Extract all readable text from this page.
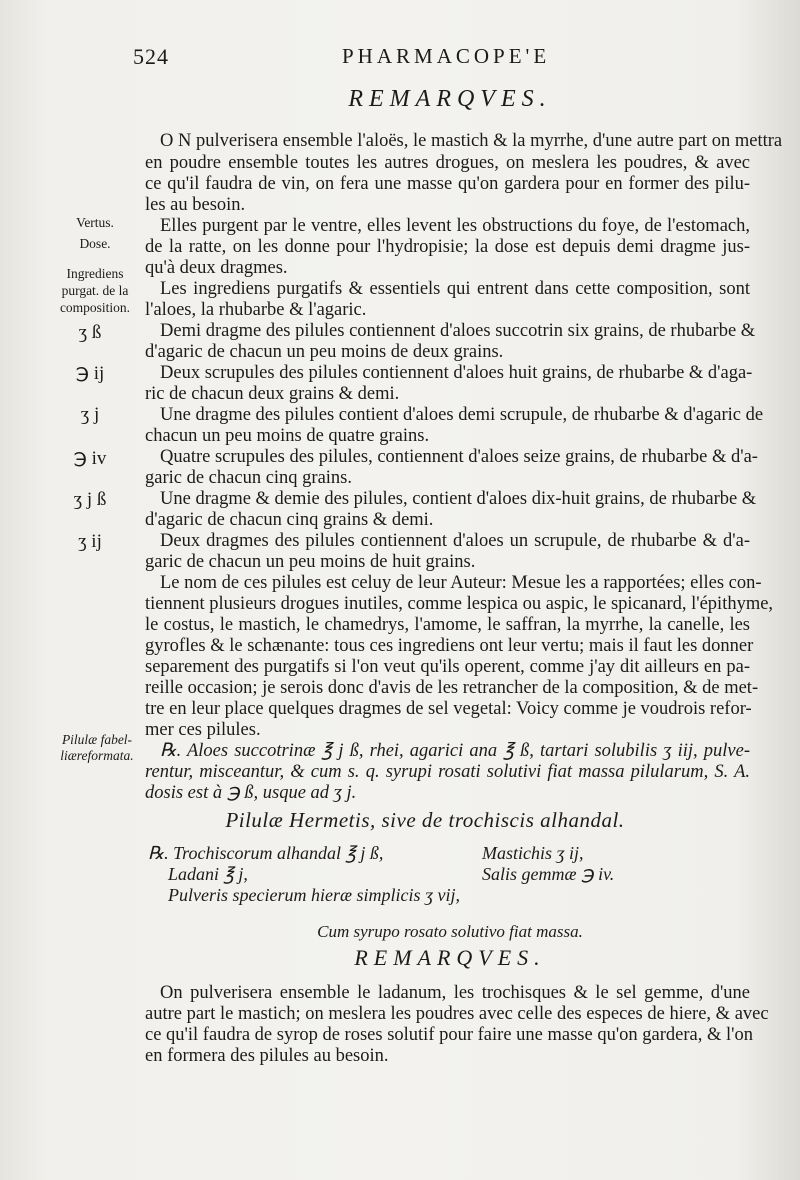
524	PHARMACOPE'E
REMARQVES.
Vertus.
Dose.
Ingrediens
purgat. de la
composition.
Pilulæ fabel-
liæreformata.
ʒ ß
℈ ij
ʒ j
℈ iv
ʒ j ß
ʒ ij
O N pulverisera ensemble l'aloës, le mastich & la myrrhe, d'une autre part on mettra
en poudre ensemble toutes les autres drogues, on meslera les poudres, & avec
ce qu'il faudra de vin, on fera une masse qu'on gardera pour en former des pilu-
les au besoin.
Elles purgent par le ventre, elles levent les obstructions du foye, de l'estomach,
de la ratte, on les donne pour l'hydropisie; la dose est depuis demi dragme jus-
qu'à deux dragmes.
Les ingrediens purgatifs & essentiels qui entrent dans cette composition, sont
l'aloes, la rhubarbe & l'agaric.
Demi dragme des pilules contiennent d'aloes succotrin six grains, de rhubarbe &
d'agaric de chacun un peu moins de deux grains.
Deux scrupules des pilules contiennent d'aloes huit grains, de rhubarbe & d'aga-
ric de chacun deux grains & demi.
Une dragme des pilules contient d'aloes demi scrupule, de rhubarbe & d'agaric de
chacun un peu moins de quatre grains.
Quatre scrupules des pilules, contiennent d'aloes seize grains, de rhubarbe & d'a-
garic de chacun cinq grains.
Une dragme & demie des pilules, contient d'aloes dix-huit grains, de rhubarbe &
d'agaric de chacun cinq grains & demi.
Deux dragmes des pilules contiennent d'aloes un scrupule, de rhubarbe & d'a-
garic de chacun un peu moins de huit grains.
Le nom de ces pilules est celuy de leur Auteur: Mesue les a rapportées; elles con-
tiennent plusieurs drogues inutiles, comme lespica ou aspic, le spicanard, l'épithyme,
le costus, le mastich, le chamedrys, l'amome, le saffran, la myrrhe, la canelle, les
gyrofles & le schænante: tous ces ingrediens ont leur vertu; mais il faut les donner
separement des purgatifs si l'on veut qu'ils operent, comme j'ay dit ailleurs en pa-
reille occasion; je serois donc d'avis de les retrancher de la composition, & de met-
tre en leur place quelques dragmes de sel vegetal: Voicy comme je voudrois refor-
mer ces pilules.
℞. Aloes succotrinæ ℥ j ß, rhei, agarici ana ℥ ß, tartari solubilis ʒ iij, pulve-
rentur, misceantur, & cum s. q. syrupi rosati solutivi fiat massa pilularum, S. A.
dosis est à ℈ ß, usque ad ʒ j.
Pilulæ Hermetis, sive de trochiscis alhandal.
℞. Trochiscorum alhandal ℥ j ß,
Ladani ℥ j,
Pulveris specierum hieræ simplicis ʒ vij,
Mastichis ʒ ij,
Salis gemmæ ℈ iv.
Cum syrupo rosato solutivo fiat massa.
REMARQVES.
On pulverisera ensemble le ladanum, les trochisques & le sel gemme, d'une
autre part le mastich; on meslera les poudres avec celle des especes de hiere, & avec
ce qu'il faudra de syrop de roses solutif pour faire une masse qu'on gardera, & l'on
en formera des pilules au besoin.
